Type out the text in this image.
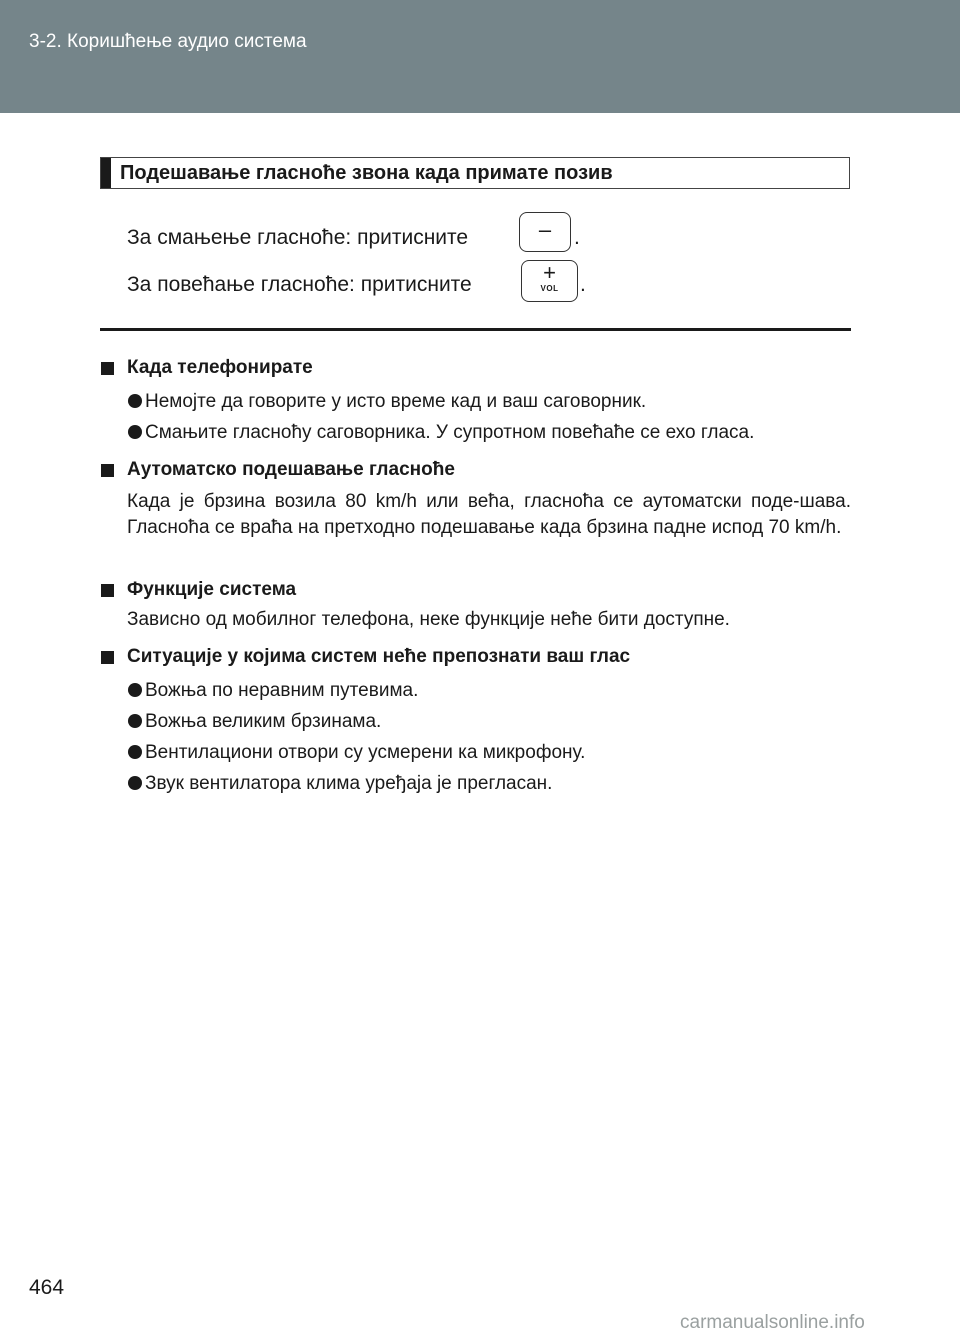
3-2. Коришћење аудио система
Подешавање гласноће звона када примате позив
За смањење гласноће: притисните	–	.
За повећање гласноће: притисните	+
VOL	.
Када телефонирате
Немојте да говорите у исто време кад и ваш саговорник.
Смањите гласноћу саговорника. У супротном повећаће се ехо гласа.
Аутоматско подешавање гласноће
Када је брзина возила 80 km/h или већа, гласноћа се аутоматски поде-шава. Гласноћа се враћа на претходно подешавање када брзина падне испод 70 km/h.
Функције система
Зависно од мобилног телефона, неке функције неће бити доступне.
Ситуације у којима систем неће препознати ваш глас
Вожња по неравним путевима.
Вожња великим брзинама.
Вентилациони отвори су усмерени ка микрофону.
Звук вентилатора клима уређаја је прегласан.
464
carmanualsonline.info
